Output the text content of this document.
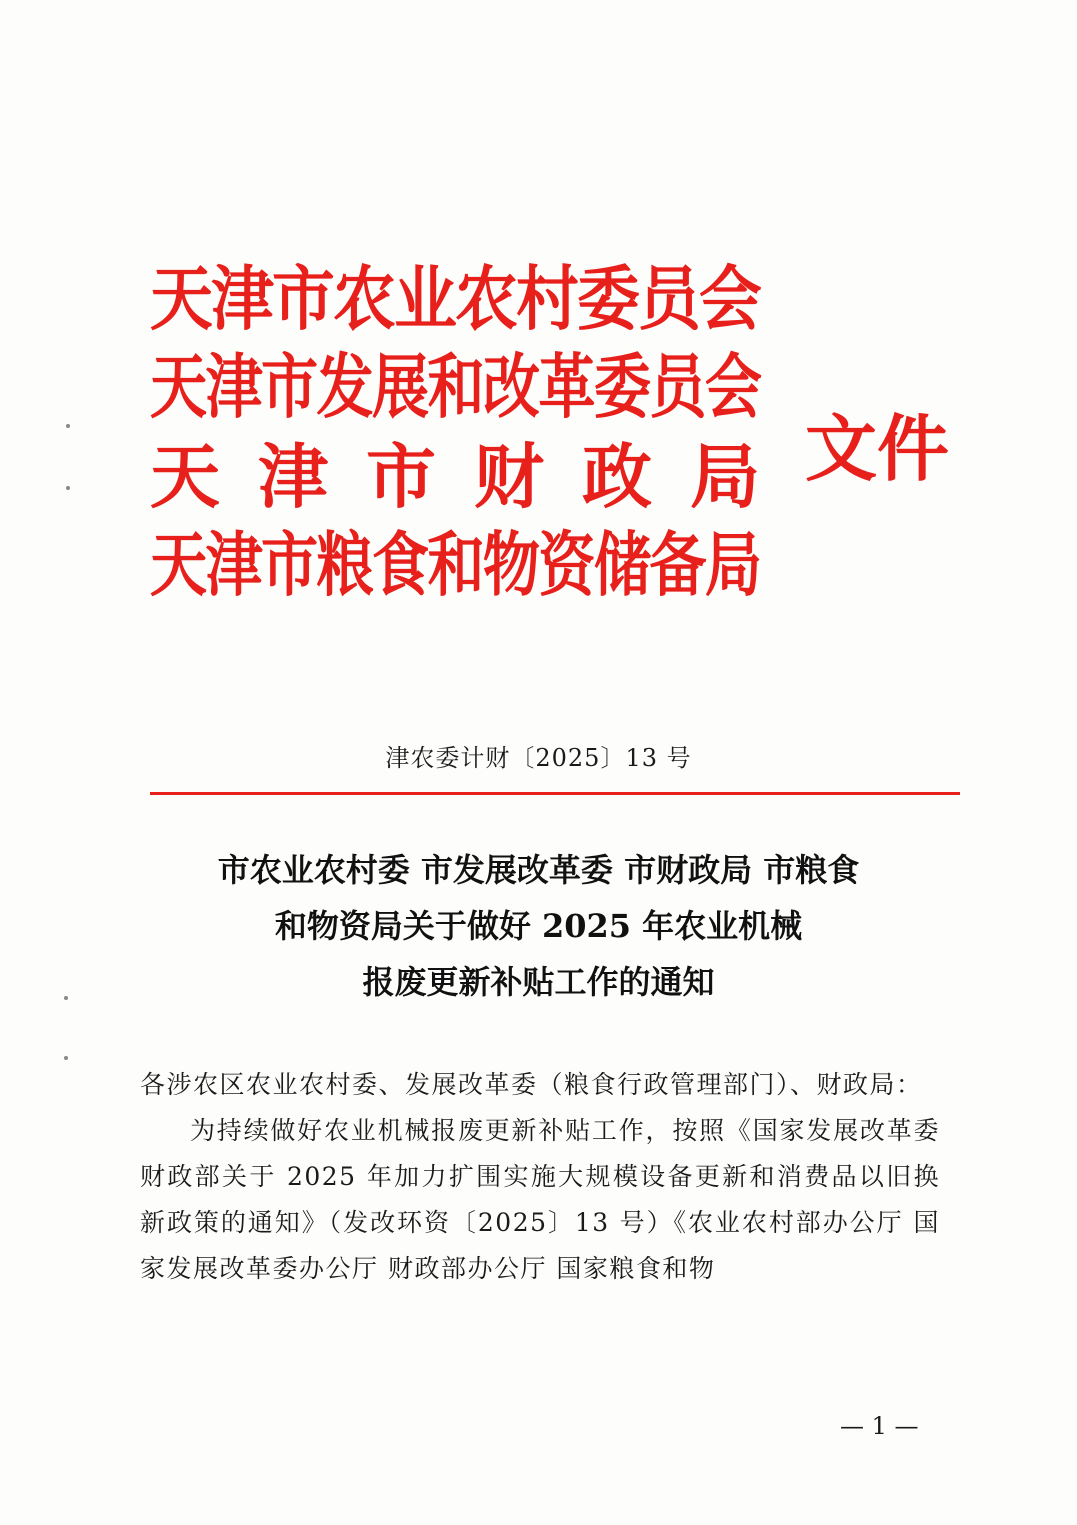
天津市农业农村委员会
天津市发展和改革委员会
天 津 市 财 政 局
天津市粮食和物资储备局
文件
津农委计财〔2025〕13 号
市农业农村委 市发展改革委 市财政局 市粮食
和物资局关于做好 2025 年农业机械
报废更新补贴工作的通知

各涉农区农业农村委、发展改革委（粮食行政管理部门）、财政局：

为持续做好农业机械报废更新补贴工作，按照《国家发展改革委 财政部关于 2025 年加力扩围实施大规模设备更新和消费品以旧换新政策的通知》（发改环资〔2025〕13 号）《农业农村部办公厅 国家发展改革委办公厅 财政部办公厅 国家粮食和物

— 1 —
